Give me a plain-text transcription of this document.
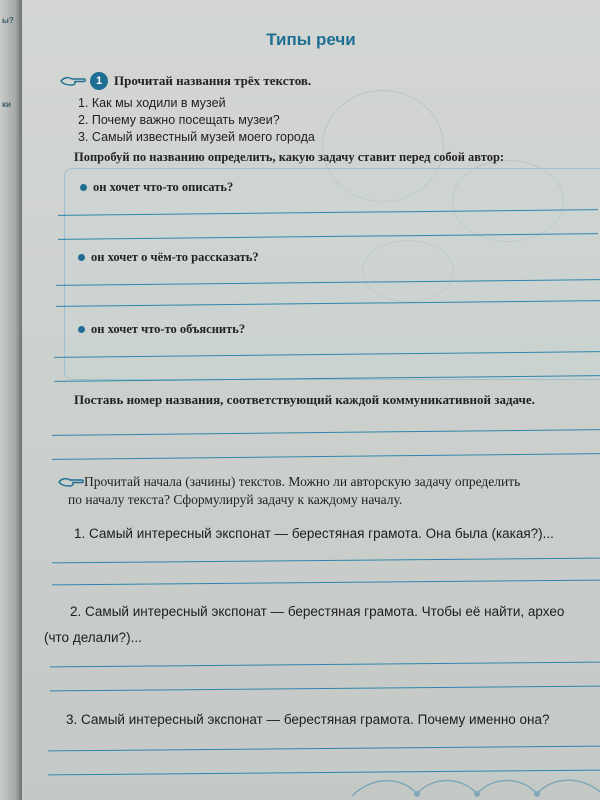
ы?
ки
Типы речи
1 Прочитай названия трёх текстов.
1. Как мы ходили в музей
2. Почему важно посещать музеи?
3. Самый известный музей моего города
Попробуй по названию определить, какую задачу ставит перед собой автор:
он хочет что-то описать?
он хочет о чём-то рассказать?
он хочет что-то объяснить?
Поставь номер названия, соответствующий каждой коммуникативной задаче.
Прочитай начала (зачины) текстов. Можно ли авторскую задачу определить
по началу текста? Сформулируй задачу к каждому началу.
1. Самый интересный экспонат — берестяная грамота. Она была (какая?)...
2. Самый интересный экспонат — берестяная грамота. Чтобы её найти, архео
(что делали?)...
3. Самый интересный экспонат — берестяная грамота. Почему именно она?
